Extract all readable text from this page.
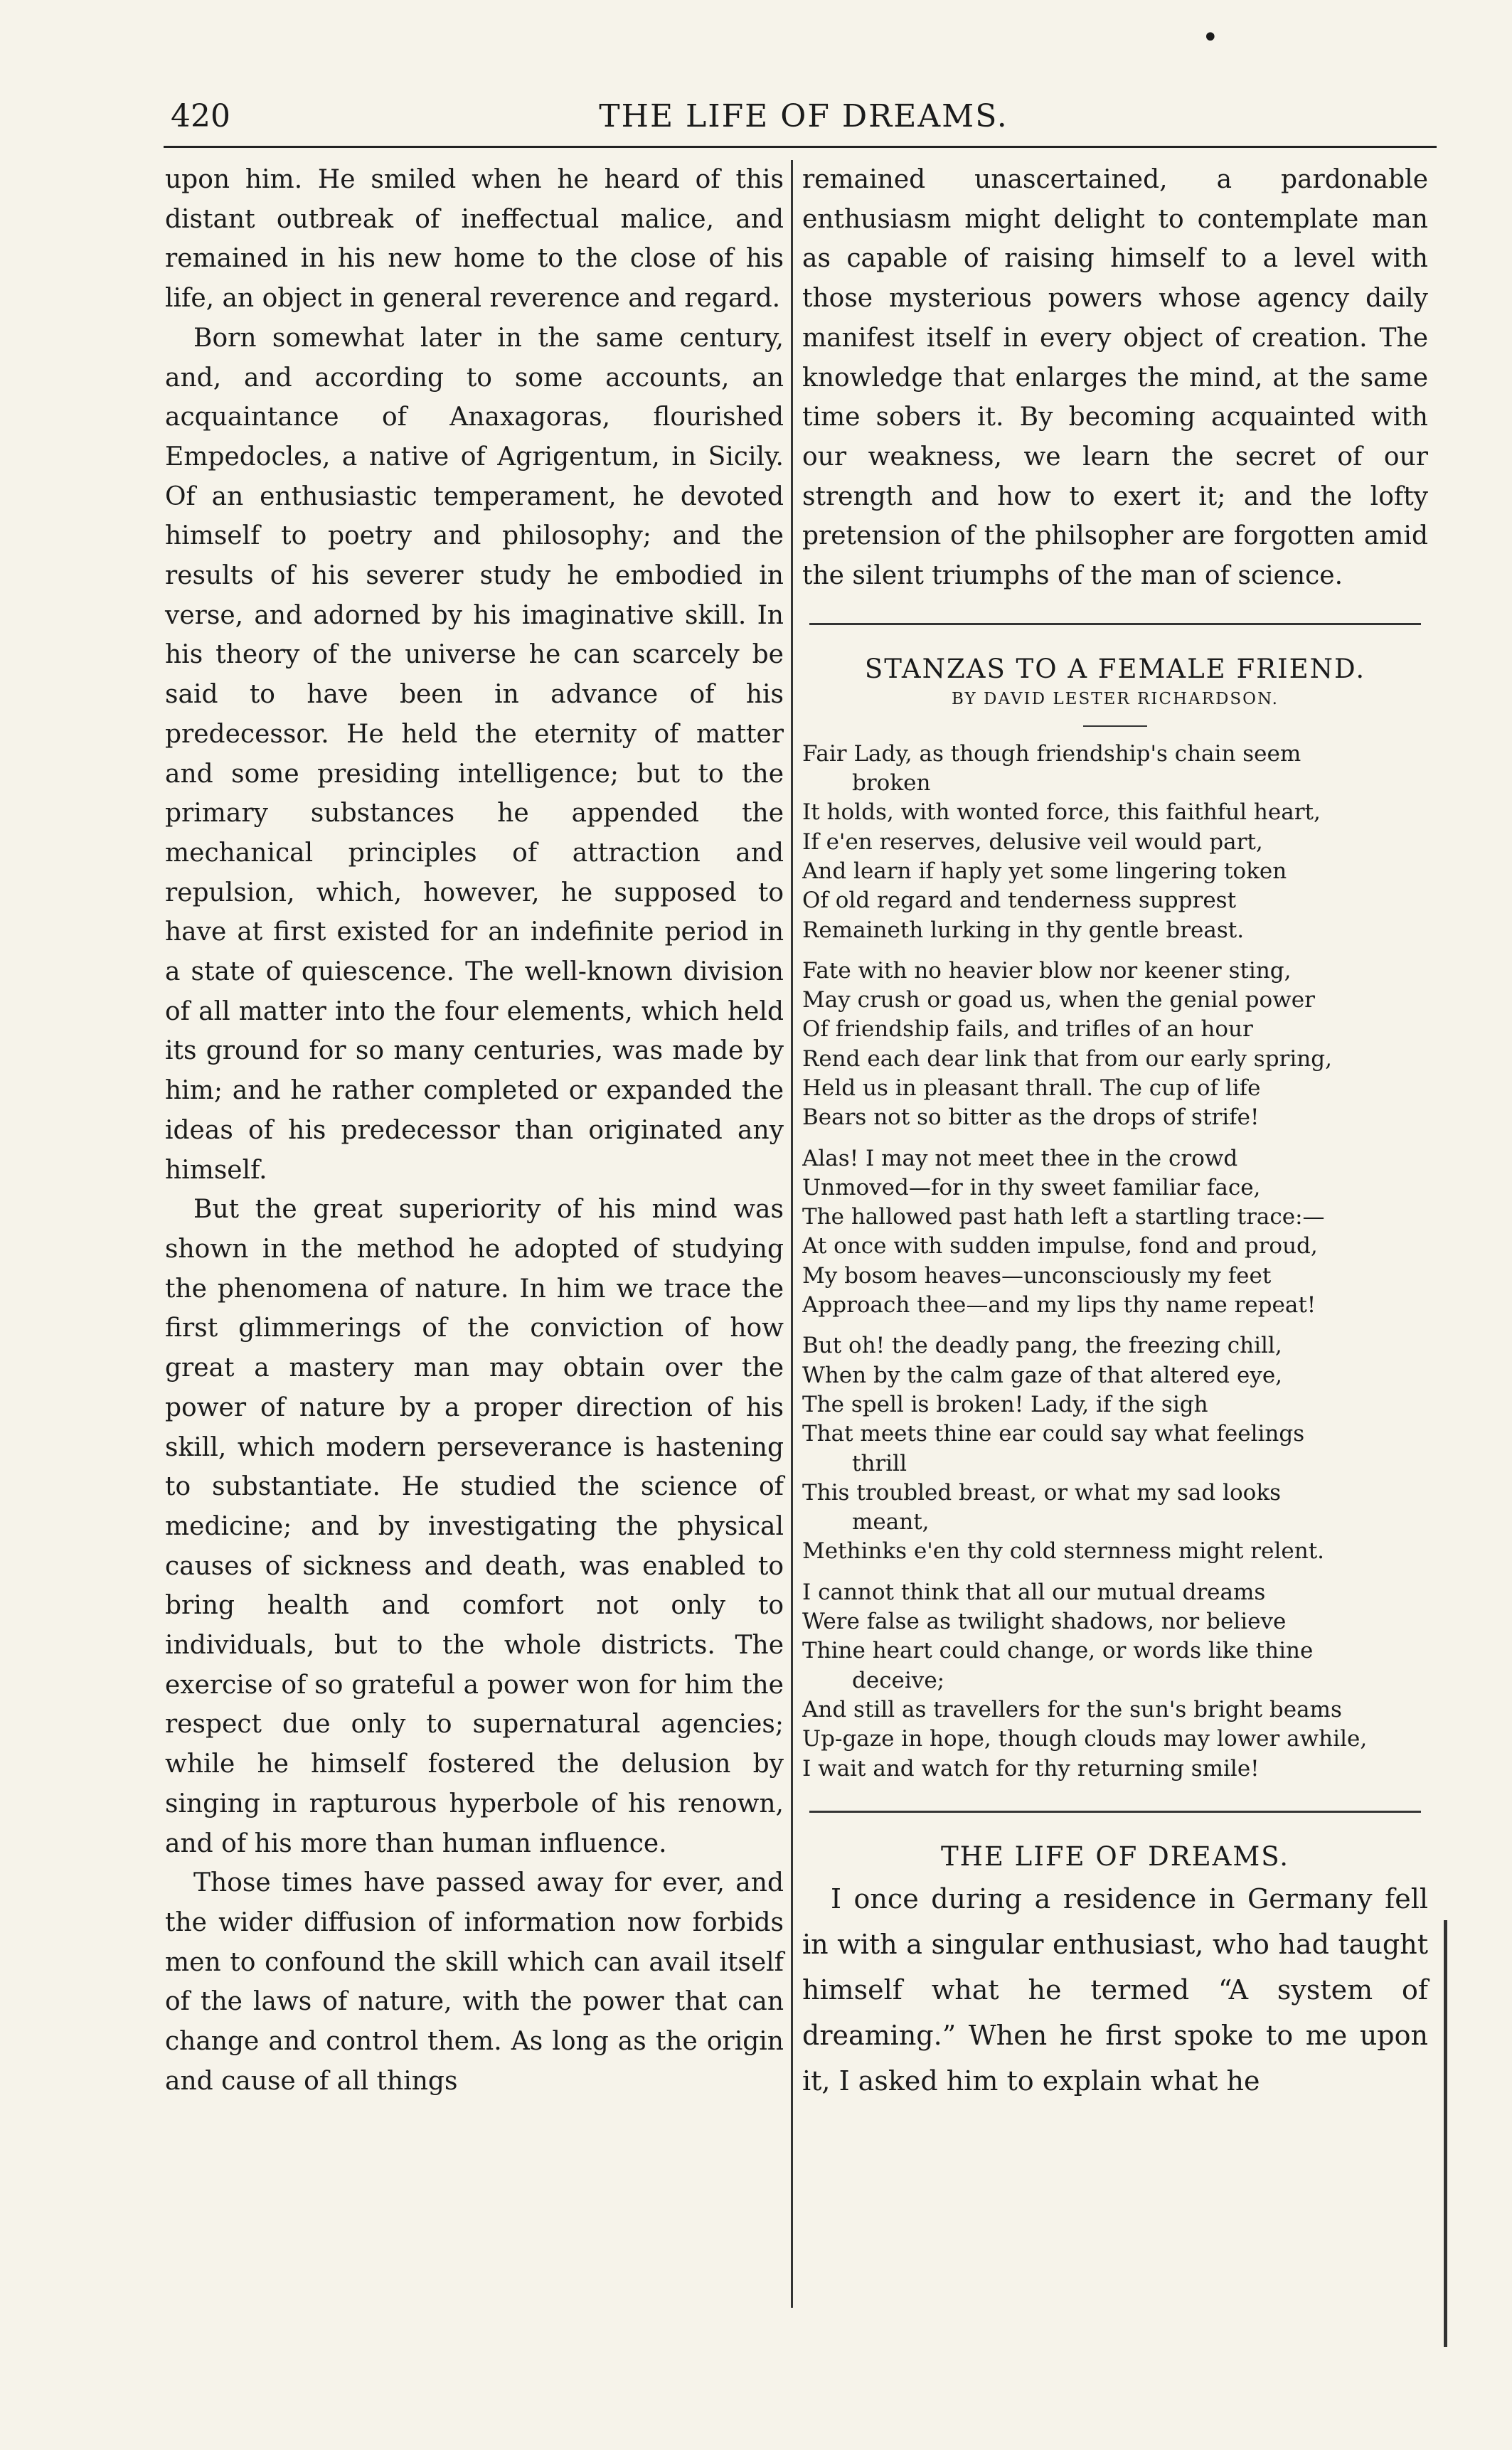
•
420	THE LIFE OF DREAMS.

upon him. He smiled when he heard of this distant outbreak of ineffectual malice, and remained in his new home to the close of his life, an object in general reverence and regard.

Born somewhat later in the same century, and, and according to some accounts, an acquaintance of Anaxagoras, flourished Empedocles, a native of Agrigentum, in Sicily. Of an enthusiastic temperament, he devoted himself to poetry and philosophy; and the results of his severer study he embodied in verse, and adorned by his imaginative skill. In his theory of the universe he can scarcely be said to have been in advance of his predecessor. He held the eternity of matter and some presiding intelligence; but to the primary substances he appended the mechanical principles of attraction and repulsion, which, however, he supposed to have at first existed for an indefinite period in a state of quiescence. The well-known division of all matter into the four elements, which held its ground for so many centuries, was made by him; and he rather completed or expanded the ideas of his predecessor than originated any himself.

But the great superiority of his mind was shown in the method he adopted of studying the phenomena of nature. In him we trace the first glimmerings of the conviction of how great a mastery man may obtain over the power of nature by a proper direction of his skill, which modern perseverance is hastening to substantiate. He studied the science of medicine; and by investigating the physical causes of sickness and death, was enabled to bring health and comfort not only to individuals, but to the whole districts. The exercise of so grateful a power won for him the respect due only to supernatural agencies; while he himself fostered the delusion by singing in rapturous hyperbole of his renown, and of his more than human influence.

Those times have passed away for ever, and the wider diffusion of information now forbids men to confound the skill which can avail itself of the laws of nature, with the power that can change and control them. As long as the origin and cause of all things

remained unascertained, a pardonable enthusiasm might delight to contemplate man as capable of raising himself to a level with those mysterious powers whose agency daily manifest itself in every object of creation. The knowledge that enlarges the mind, at the same time sobers it. By becoming acquainted with our weakness, we learn the secret of our strength and how to exert it; and the lofty pretension of the philsopher are forgotten amid the silent triumphs of the man of science.

STANZAS TO A FEMALE FRIEND.
BY DAVID LESTER RICHARDSON.
Fair Lady, as though friendship's chain seem
broken
It holds, with wonted force, this faithful heart,
If e'en reserves, delusive veil would part,
And learn if haply yet some lingering token
Of old regard and tenderness supprest
Remaineth lurking in thy gentle breast.
Fate with no heavier blow nor keener sting,
May crush or goad us, when the genial power
Of friendship fails, and trifles of an hour
Rend each dear link that from our early spring,
Held us in pleasant thrall. The cup of life
Bears not so bitter as the drops of strife!
Alas! I may not meet thee in the crowd
Unmoved—for in thy sweet familiar face,
The hallowed past hath left a startling trace:—
At once with sudden impulse, fond and proud,
My bosom heaves—unconsciously my feet
Approach thee—and my lips thy name repeat!
But oh! the deadly pang, the freezing chill,
When by the calm gaze of that altered eye,
The spell is broken! Lady, if the sigh
That meets thine ear could say what feelings
thrill
This troubled breast, or what my sad looks
meant,
Methinks e'en thy cold sternness might relent.
I cannot think that all our mutual dreams
Were false as twilight shadows, nor believe
Thine heart could change, or words like thine
deceive;
And still as travellers for the sun's bright beams
Up-gaze in hope, though clouds may lower awhile,
I wait and watch for thy returning smile!
THE LIFE OF DREAMS.

I once during a residence in Germany fell in with a singular enthusiast, who had taught himself what he termed “A system of dreaming.” When he first spoke to me upon it, I asked him to explain what he
